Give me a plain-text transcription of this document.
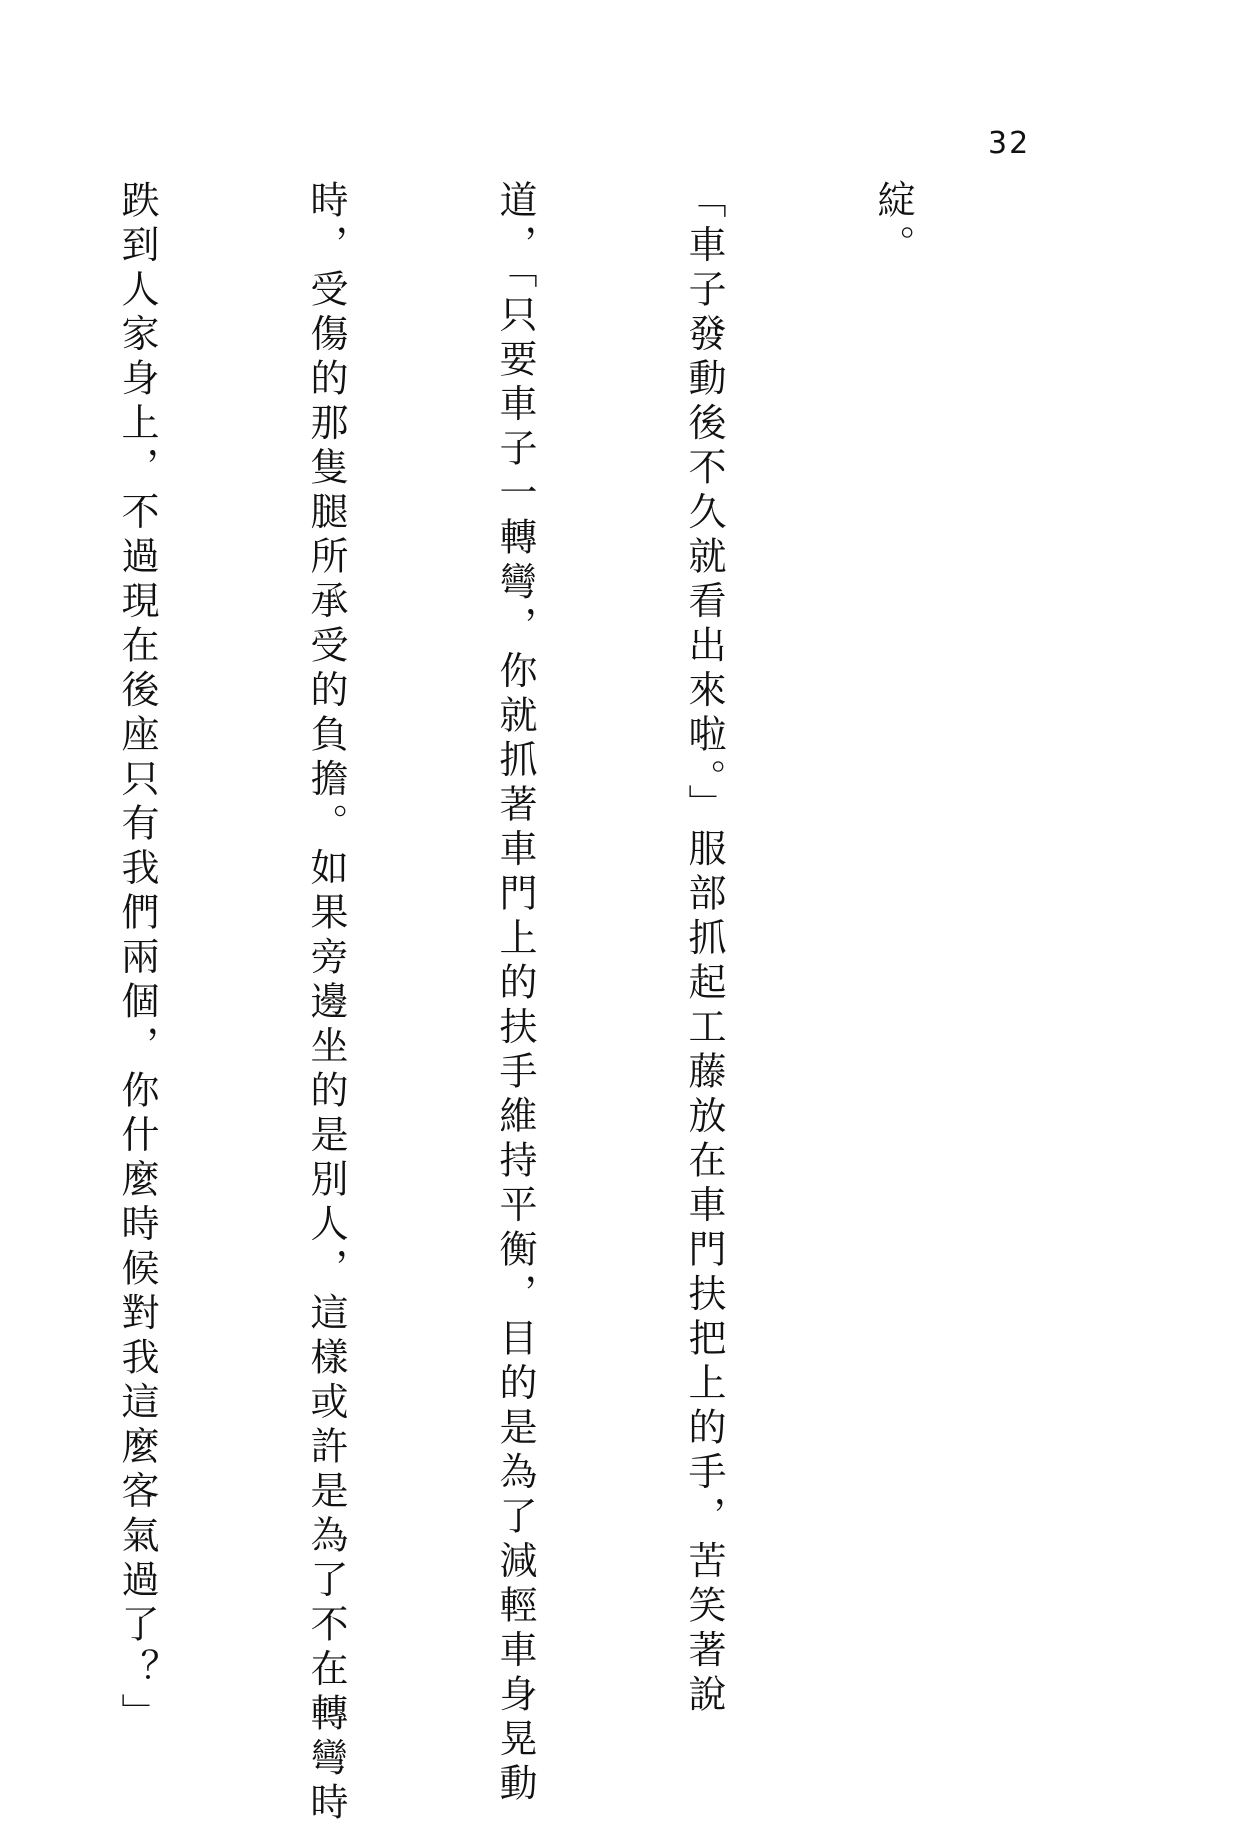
32

綻。

「車子發動後不久就看出來啦。」服部抓起工藤放在車門扶把上的手，苦笑著說

道，「只要車子一轉彎，你就抓著車門上的扶手維持平衡，目的是為了減輕車身晃動

時，受傷的那隻腿所承受的負擔。如果旁邊坐的是別人，這樣或許是為了不在轉彎時

跌到人家身上，不過現在後座只有我們兩個，你什麼時候對我這麼客氣過了？」
